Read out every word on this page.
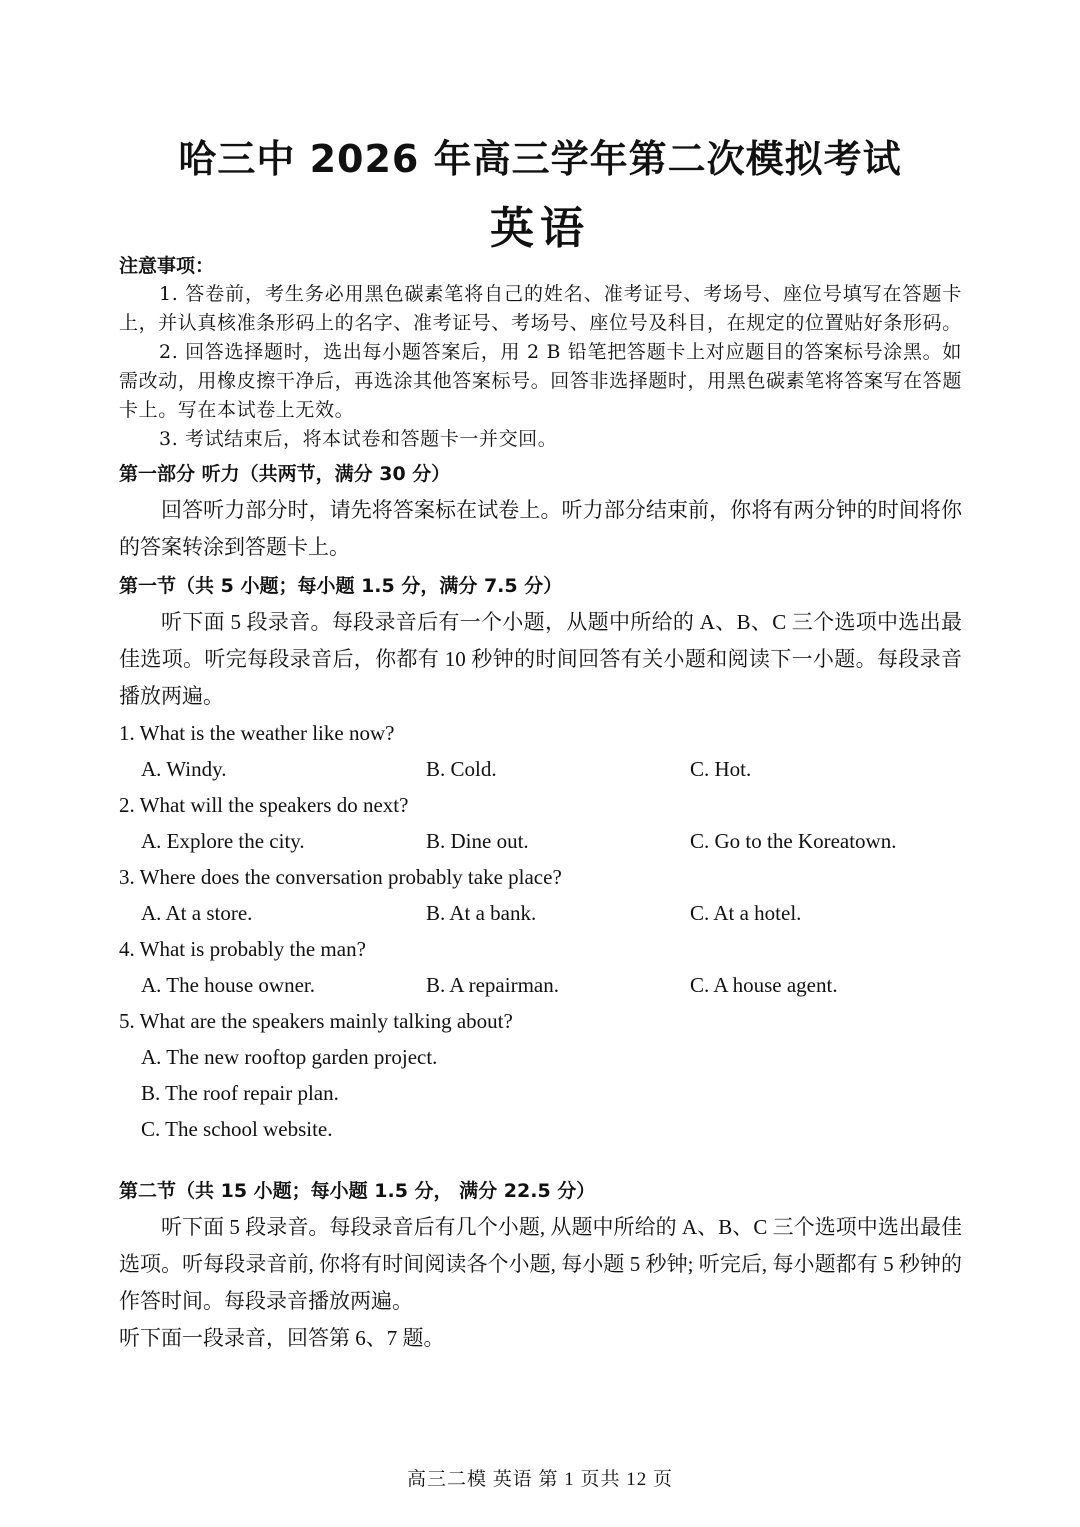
哈三中 2026 年高三学年第二次模拟考试
英语
注意事项：
1. 答卷前，考生务必用黑色碳素笔将自己的姓名、准考证号、考场号、座位号填写在答题卡上，并认真核准条形码上的名字、准考证号、考场号、座位号及科目，在规定的位置贴好条形码。
2. 回答选择题时，选出每小题答案后，用 2 B 铅笔把答题卡上对应题目的答案标号涂黑。如需改动，用橡皮擦干净后，再选涂其他答案标号。回答非选择题时，用黑色碳素笔将答案写在答题卡上。写在本试卷上无效。
3. 考试结束后，将本试卷和答题卡一并交回。
第一部分 听力（共两节，满分 30 分）
回答听力部分时，请先将答案标在试卷上。听力部分结束前，你将有两分钟的时间将你的答案转涂到答题卡上。
第一节（共 5 小题；每小题 1.5 分，满分 7.5 分）
听下面 5 段录音。每段录音后有一个小题，从题中所给的 A、B、C 三个选项中选出最佳选项。听完每段录音后，你都有 10 秒钟的时间回答有关小题和阅读下一小题。每段录音播放两遍。
1. What is the weather like now?
A. Windy.	B. Cold.	C. Hot.
2. What will the speakers do next?
A. Explore the city.	B. Dine out.	C. Go to the Koreatown.
3. Where does the conversation probably take place?
A. At a store.	B. At a bank.	C. At a hotel.
4. What is probably the man?
A. The house owner.	B. A repairman.	C. A house agent.
5. What are the speakers mainly talking about?
A. The new rooftop garden project.
B. The roof repair plan.
C. The school website.
第二节（共 15 小题；每小题 1.5 分， 满分 22.5 分）
听下面 5 段录音。每段录音后有几个小题, 从题中所给的 A、B、C 三个选项中选出最佳选项。听每段录音前, 你将有时间阅读各个小题, 每小题 5 秒钟; 听完后, 每小题都有 5 秒钟的作答时间。每段录音播放两遍。
听下面一段录音，回答第 6、7 题。
高三二模 英语 第 1 页共 12 页
